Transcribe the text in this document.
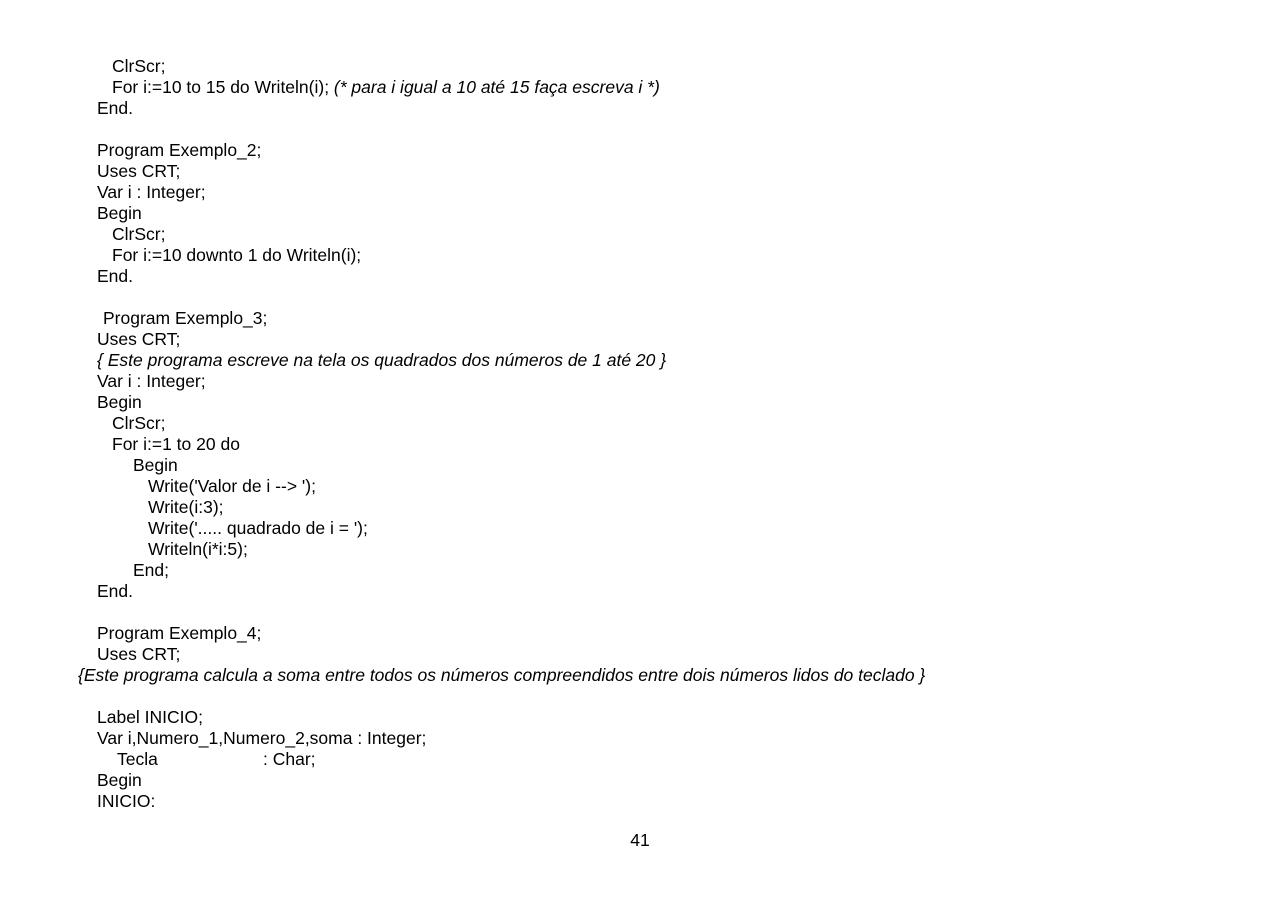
ClrScr;

For i:=10 to 15 do Writeln(i); (* para i igual a 10 até 15 faça escreva i *)

End.

Program Exemplo_2;

Uses CRT;

Var i : Integer;

Begin

ClrScr;

For i:=10 downto 1 do Writeln(i);

End.

Program Exemplo_3;

Uses CRT;

{ Este programa escreve na tela os quadrados dos números de 1 até 20 }

Var i : Integer;

Begin

ClrScr;

For i:=1 to 20 do

Begin

Write('Valor de i --> ');

Write(i:3);

Write('..... quadrado de i = ');

Writeln(i*i:5);

End;

End.

Program Exemplo_4;

Uses CRT;

{Este programa calcula a soma entre todos os números compreendidos entre dois números lidos do teclado }

Label INICIO;

Var i,Numero_1,Numero_2,soma : Integer;

Tecla	: Char;

Begin

INICIO:

41
